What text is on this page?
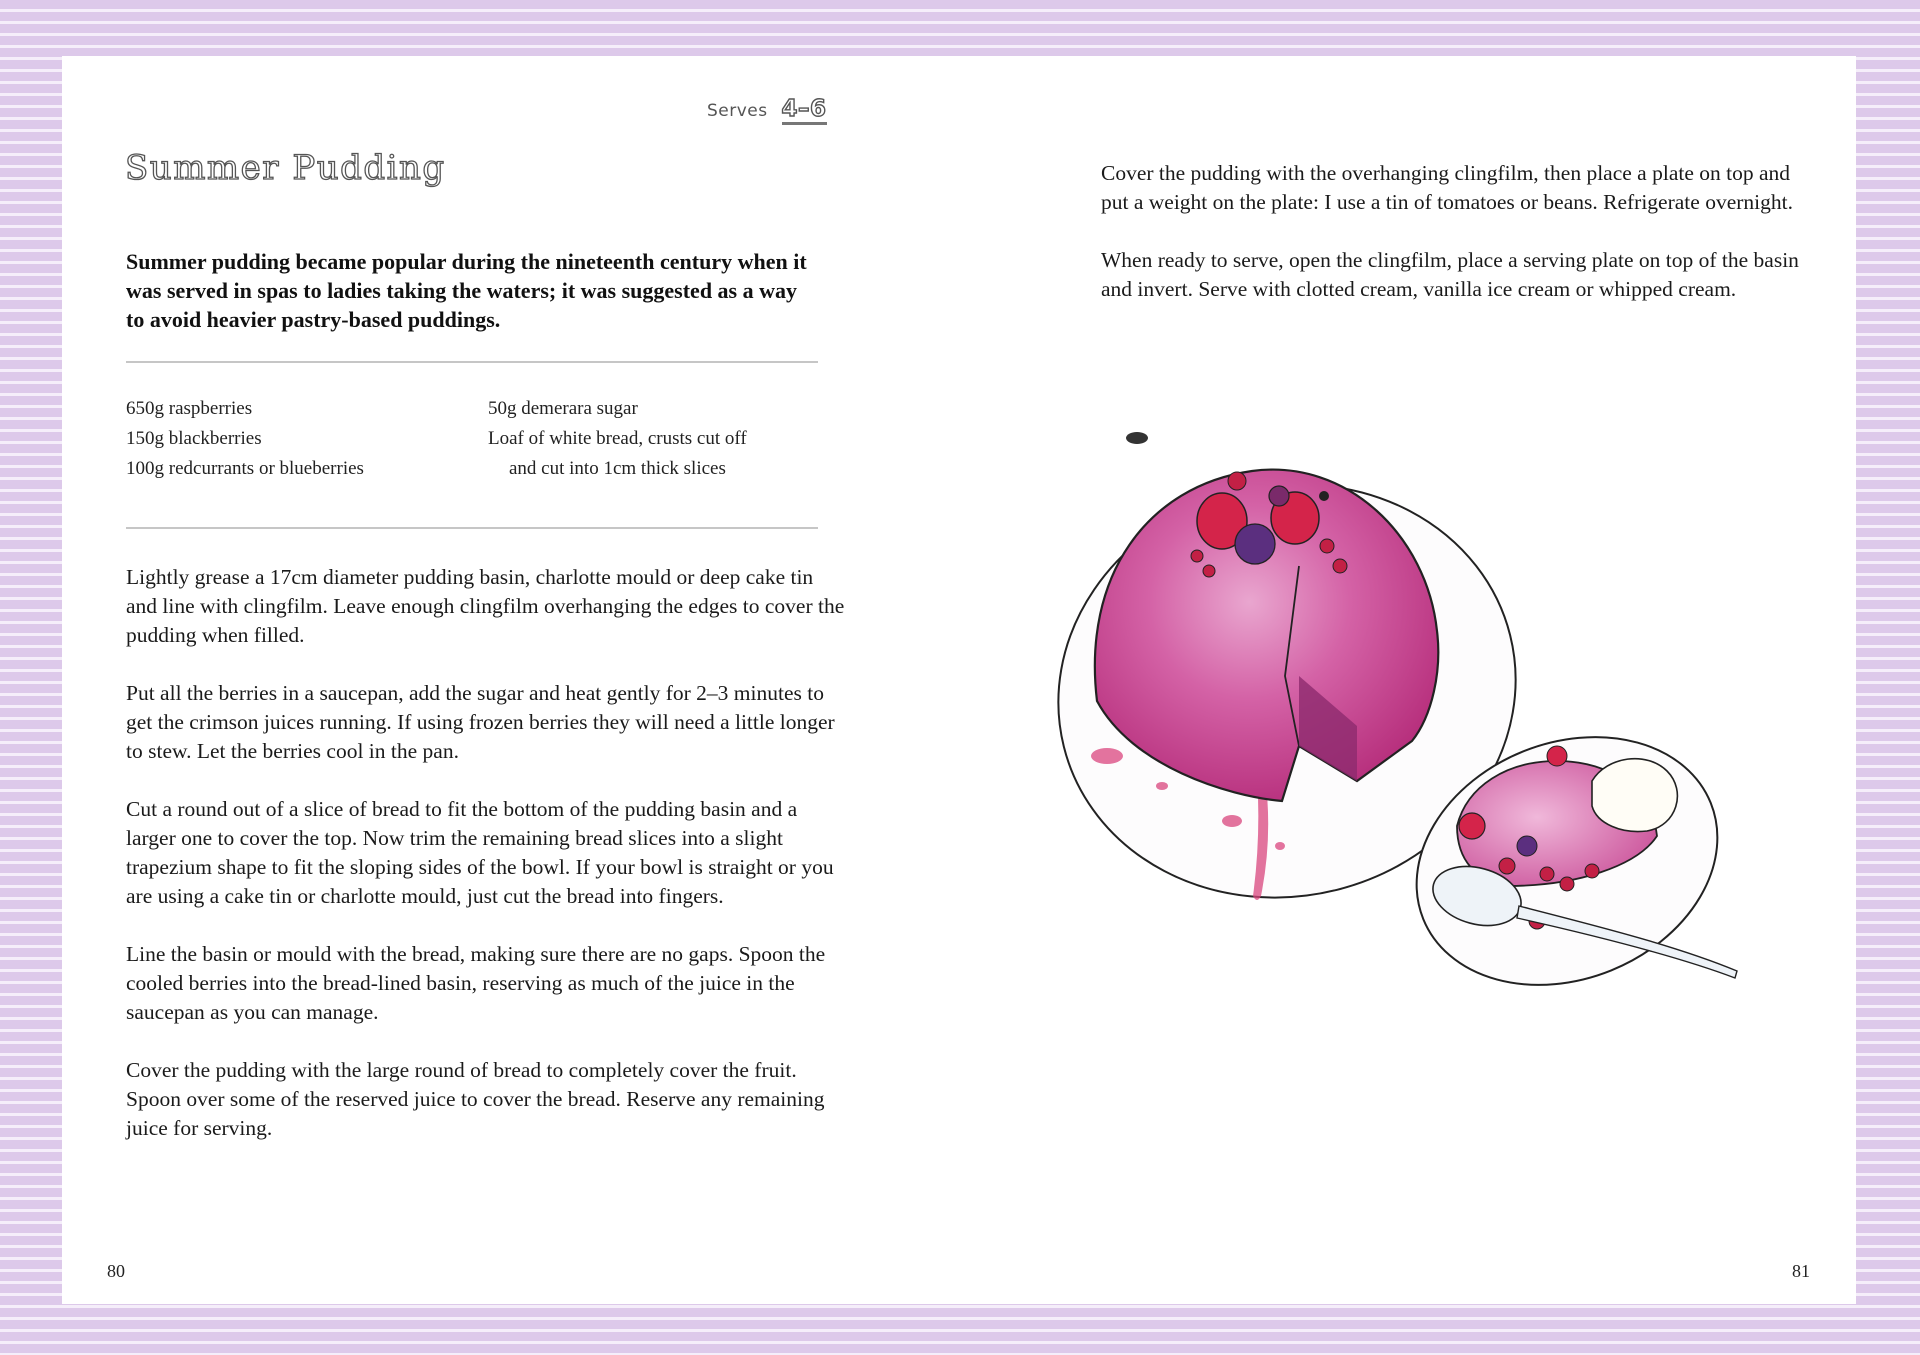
Serves 4–6
Summer Pudding

Summer pudding became popular during the nineteenth century when it was served in spas to ladies taking the waters; it was suggested as a way to avoid heavier pastry-based puddings.

650g raspberries
150g blackberries
100g redcurrants or blueberries
50g demerara sugar
Loaf of white bread, crusts cut off
and cut into 1cm thick slices

Lightly grease a 17cm diameter pudding basin, charlotte mould or deep cake tin and line with clingfilm. Leave enough clingfilm overhanging the edges to cover the pudding when filled.

Put all the berries in a saucepan, add the sugar and heat gently for 2–3 minutes to get the crimson juices running. If using frozen berries they will need a little longer to stew. Let the berries cool in the pan.

Cut a round out of a slice of bread to fit the bottom of the pudding basin and a larger one to cover the top. Now trim the remaining bread slices into a slight trapezium shape to fit the sloping sides of the bowl. If your bowl is straight or you are using a cake tin or charlotte mould, just cut the bread into fingers.

Line the basin or mould with the bread, making sure there are no gaps. Spoon the cooled berries into the bread-lined basin, reserving as much of the juice in the saucepan as you can manage.

Cover the pudding with the large round of bread to completely cover the fruit. Spoon over some of the reserved juice to cover the bread. Reserve any remaining juice for serving.

80

Cover the pudding with the overhanging clingfilm, then place a plate on top and put a weight on the plate: I use a tin of tomatoes or beans. Refrigerate overnight.

When ready to serve, open the clingfilm, place a serving plate on top of the basin and invert. Serve with clotted cream, vanilla ice cream or whipped cream.

81
